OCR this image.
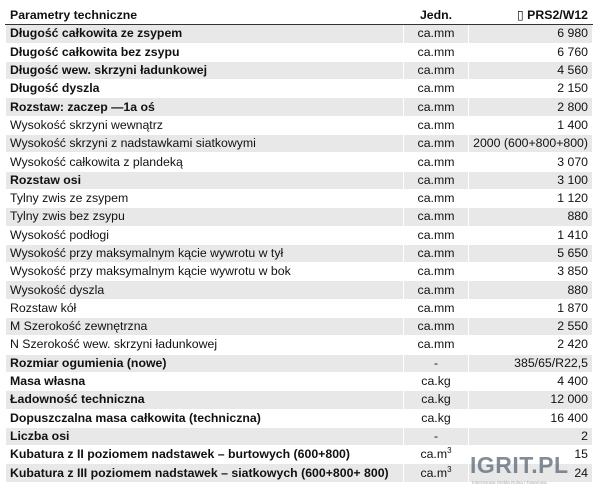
Parametry techniczne	Jedn.	▯ PRS2/W12
Długość całkowita ze zsypem	ca.mm	6 980
Długość całkowita bez zsypu	ca.mm	6 760
Długość wew. skrzyni ładunkowej	ca.mm	4 560
Długość dyszla	ca.mm	2 150
Rozstaw: zaczep —1a oś	ca.mm	2 800
Wysokość skrzyni wewnątrz	ca.mm	1 400
Wysokość skrzyni z nadstawkami siatkowymi	ca.mm	2000 (600+800+800)
Wysokość całkowita z plandeką	ca.mm	3 070
Rozstaw osi	ca.mm	3 100
Tylny zwis ze zsypem	ca.mm	1 120
Tylny zwis bez zsypu	ca.mm	880
Wysokość podłogi	ca.mm	1 410
Wysokość przy maksymalnym kącie wywrotu w tył	ca.mm	5 650
Wysokość przy maksymalnym kącie wywrotu w bok	ca.mm	3 850
Wysokość dyszla	ca.mm	880
Rozstaw kół	ca.mm	1 870
M Szerokość zewnętrzna	ca.mm	2 550
N Szerokość wew. skrzyni ładunkowej	ca.mm	2 420
Rozmiar ogumienia (nowe)	-	385/65/R22,5
Masa własna	ca.kg	4 400
Ładowność techniczna	ca.kg	12 000
Dopuszczalna masa całkowita (techniczna)	ca.kg	16 400
Liczba osi	-	2
Kubatura z II poziomem nadstawek – burtowych (600+800)	$ca.m^3$	15
Kubatura z III poziomem nadstawek – siatkowych (600+800+ 800)	$ca.m^3$	24
IGRIT.PL
Internetowa Giełda Rolna i Towarowa
